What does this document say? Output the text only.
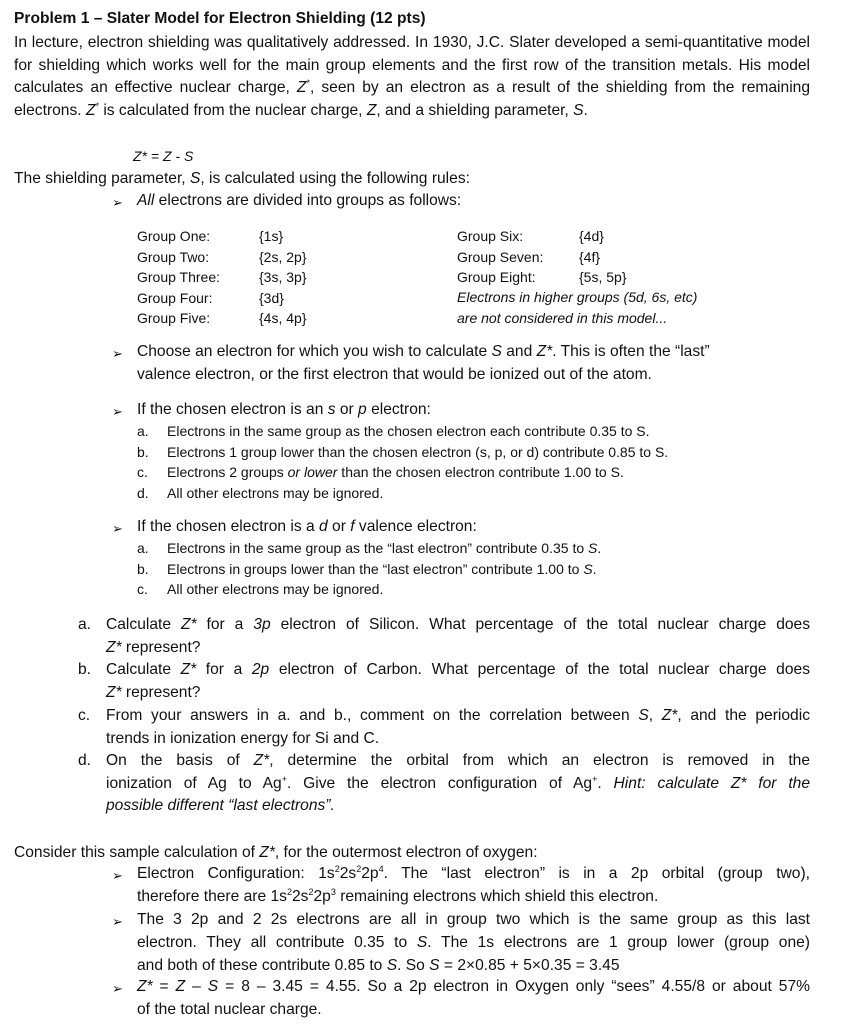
Problem 1 – Slater Model for Electron Shielding (12 pts)
In lecture, electron shielding was qualitatively addressed. In 1930, J.C. Slater developed a semi-quantitative model for shielding which works well for the main group elements and the first row of the transition metals. His model calculates an effective nuclear charge, Z*, seen by an electron as a result of the shielding from the remaining electrons. Z* is calculated from the nuclear charge, Z, and a shielding parameter, S.
Z* = Z - S
The shielding parameter, S, is calculated using the following rules:
➢ All electrons are divided into groups as follows:
Group One:
Group Two:
Group Three:
Group Four:
Group Five:
{1s}
{2s, 2p}
{3s, 3p}
{3d}
{4s, 4p}
Group Six:
Group Seven:
Group Eight:
{4d}
{4f}
{5s, 5p}
Electrons in higher groups (5d, 6s, etc)
are not considered in this model...
➢ Choose an electron for which you wish to calculate S and Z*. This is often the “last”
valence electron, or the first electron that would be ionized out of the atom.
➢ If the chosen electron is an s or p electron:
a. Electrons in the same group as the chosen electron each contribute 0.35 to S.
b. Electrons 1 group lower than the chosen electron (s, p, or d) contribute 0.85 to S.
c. Electrons 2 groups or lower than the chosen electron contribute 1.00 to S.
d. All other electrons may be ignored.
➢ If the chosen electron is a d or f valence electron:
a. Electrons in the same group as the “last electron” contribute 0.35 to S.
b. Electrons in groups lower than the “last electron” contribute 1.00 to S.
c. All other electrons may be ignored.
a. Calculate Z* for a 3p electron of Silicon. What percentage of the total nuclear charge does
Z* represent?
b. Calculate Z* for a 2p electron of Carbon. What percentage of the total nuclear charge does
Z* represent?
c. From your answers in a. and b., comment on the correlation between S, Z*, and the periodic
trends in ionization energy for Si and C.
d. On the basis of Z*, determine the orbital from which an electron is removed in the
ionization of Ag to Ag+. Give the electron configuration of Ag+. Hint: calculate Z* for the
possible different “last electrons”.
Consider this sample calculation of Z*, for the outermost electron of oxygen:
➢ Electron Configuration: $1s^22s^22p^4$. The “last electron” is in a 2p orbital (group two),
therefore there are $1s^22s^22p^3$ remaining electrons which shield this electron.
➢ The 3 2p and 2 2s electrons are all in group two which is the same group as this last
electron. They all contribute 0.35 to S. The 1s electrons are 1 group lower (group one)
and both of these contribute 0.85 to S. So S = 2×0.85 + 5×0.35 = 3.45
➢ Z* = Z – S = 8 – 3.45 = 4.55. So a 2p electron in Oxygen only “sees” 4.55/8 or about 57%
of the total nuclear charge.
